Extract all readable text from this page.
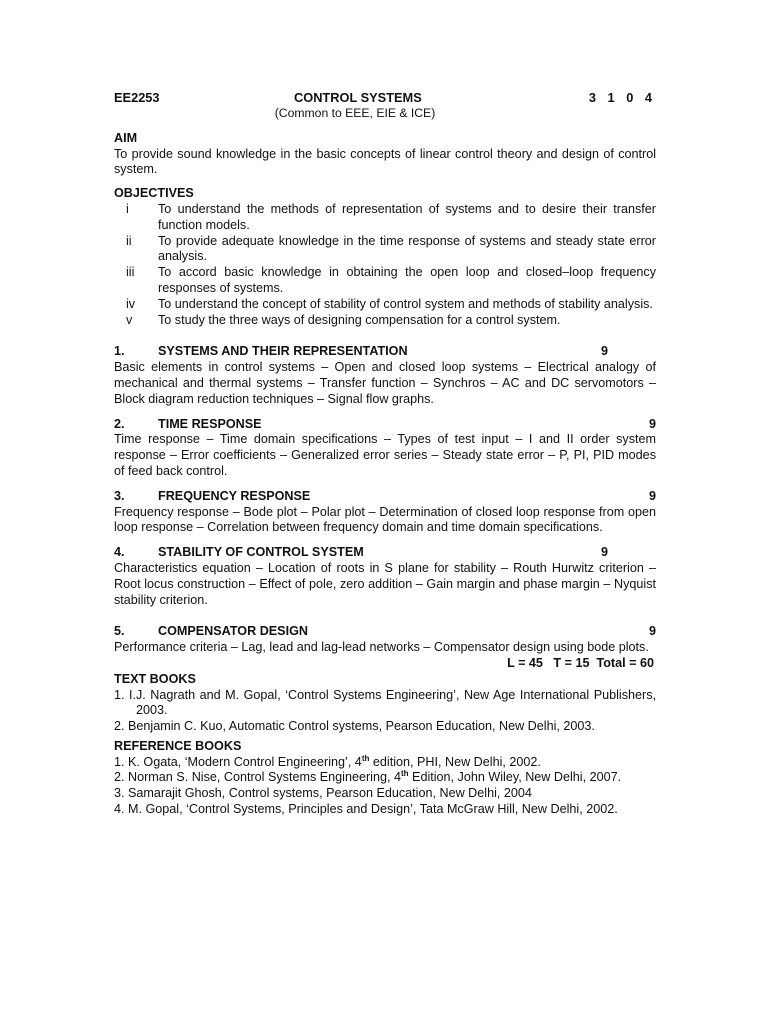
EE2253	CONTROL SYSTEMS	3 1 0 4
(Common to EEE, EIE & ICE)
AIM
To provide sound knowledge in the basic concepts of linear control theory and design of control system.
OBJECTIVES
i	To understand the methods of representation of systems and to desire their transfer function models.
ii	To provide adequate knowledge in the time response of systems and steady state error analysis.
iii	To accord basic knowledge in obtaining the open loop and closed–loop frequency responses of systems.
iv	To understand the concept of stability of control system and methods of stability analysis.
v	To study the three ways of designing compensation for a control system.
1.	SYSTEMS AND THEIR REPRESENTATION	9
Basic elements in control systems – Open and closed loop systems – Electrical analogy of mechanical and thermal systems – Transfer function – Synchros – AC and DC servomotors – Block diagram reduction techniques – Signal flow graphs.
2.	TIME RESPONSE	9
Time response – Time domain specifications – Types of test input – I and II order system response – Error coefficients – Generalized error series – Steady state error – P, PI, PID modes of feed back control.
3.	FREQUENCY RESPONSE	9
Frequency response – Bode plot – Polar plot – Determination of closed loop response from open loop response – Correlation between frequency domain and time domain specifications.
4.	STABILITY OF CONTROL SYSTEM	9
Characteristics equation – Location of roots in S plane for stability – Routh Hurwitz criterion – Root locus construction – Effect of pole, zero addition – Gain margin and phase margin – Nyquist stability criterion.
5.	COMPENSATOR DESIGN	9
Performance criteria – Lag, lead and lag-lead networks – Compensator design using bode plots.
L = 45   T = 15  Total = 60
TEXT BOOKS
1. I.J. Nagrath and M. Gopal, ‘Control Systems Engineering’, New Age International Publishers, 2003.
2. Benjamin C. Kuo, Automatic Control systems, Pearson Education, New Delhi, 2003.
REFERENCE BOOKS
1. K. Ogata, ‘Modern Control Engineering’, 4th edition, PHI, New Delhi, 2002.
2. Norman S. Nise, Control Systems Engineering, 4th Edition, John Wiley, New Delhi, 2007.
3. Samarajit Ghosh, Control systems, Pearson Education, New Delhi, 2004
4. M. Gopal, ‘Control Systems, Principles and Design’, Tata McGraw Hill, New Delhi, 2002.
